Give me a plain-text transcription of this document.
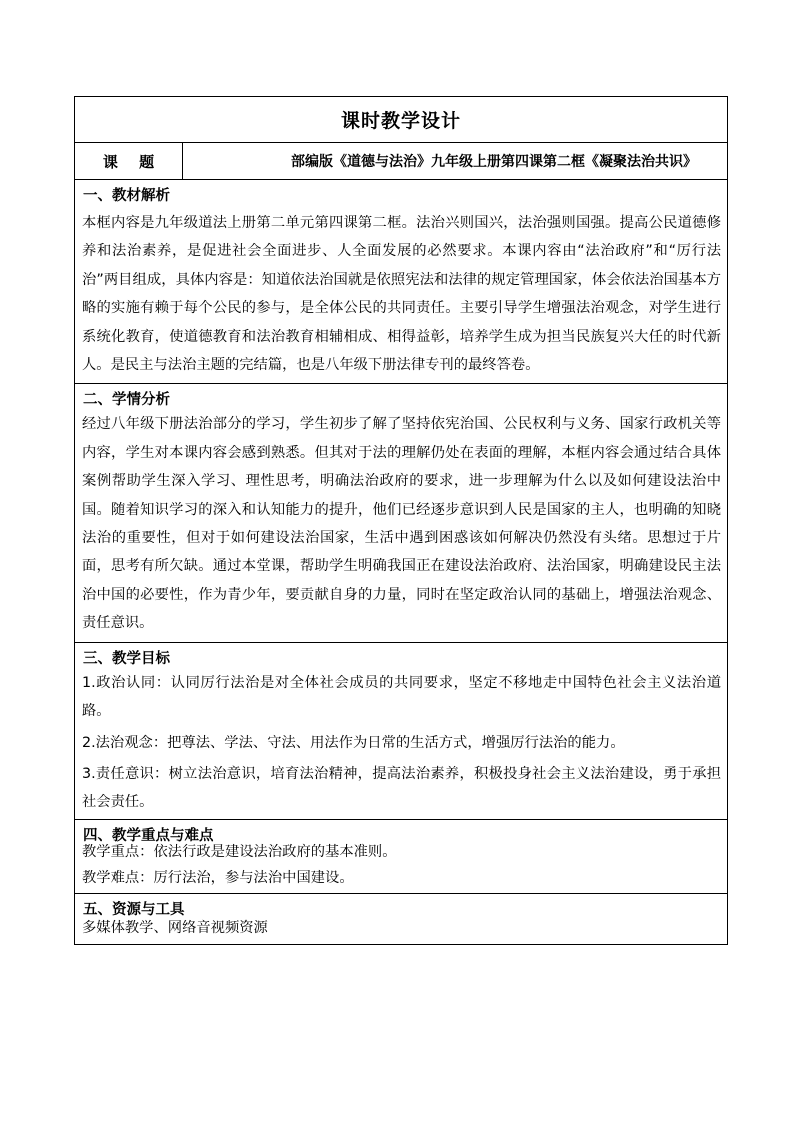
课时教学设计
课 题	部编版《道德与法治》九年级上册第四课第二框《凝聚法治共识》
一、教材解析
本框内容是九年级道法上册第二单元第四课第二框。法治兴则国兴，法治强则国强。提高公民道德修养和法治素养，是促进社会全面进步、人全面发展的必然要求。本课内容由“法治政府”和“厉行法治”两目组成，具体内容是：知道依法治国就是依照宪法和法律的规定管理国家，体会依法治国基本方略的实施有赖于每个公民的参与，是全体公民的共同责任。主要引导学生增强法治观念，对学生进行系统化教育，使道德教育和法治教育相辅相成、相得益彰，培养学生成为担当民族复兴大任的时代新人。是民主与法治主题的完结篇，也是八年级下册法律专刊的最终答卷。
二、学情分析
经过八年级下册法治部分的学习，学生初步了解了坚持依宪治国、公民权利与义务、国家行政机关等内容，学生对本课内容会感到熟悉。但其对于法的理解仍处在表面的理解，本框内容会通过结合具体案例帮助学生深入学习、理性思考，明确法治政府的要求，进一步理解为什么以及如何建设法治中国。随着知识学习的深入和认知能力的提升，他们已经逐步意识到人民是国家的主人，也明确的知晓法治的重要性，但对于如何建设法治国家，生活中遇到困惑该如何解决仍然没有头绪。思想过于片面，思考有所欠缺。通过本堂课，帮助学生明确我国正在建设法治政府、法治国家，明确建设民主法治中国的必要性，作为青少年，要贡献自身的力量，同时在坚定政治认同的基础上，增强法治观念、责任意识。
三、教学目标
1.政治认同：认同厉行法治是对全体社会成员的共同要求，坚定不移地走中国特色社会主义法治道路。
2.法治观念：把尊法、学法、守法、用法作为日常的生活方式，增强厉行法治的能力。
3.责任意识：树立法治意识，培育法治精神，提高法治素养，积极投身社会主义法治建设，勇于承担社会责任。
四、教学重点与难点
教学重点：依法行政是建设法治政府的基本准则。
教学难点：厉行法治，参与法治中国建设。
五、资源与工具
多媒体教学、网络音视频资源
